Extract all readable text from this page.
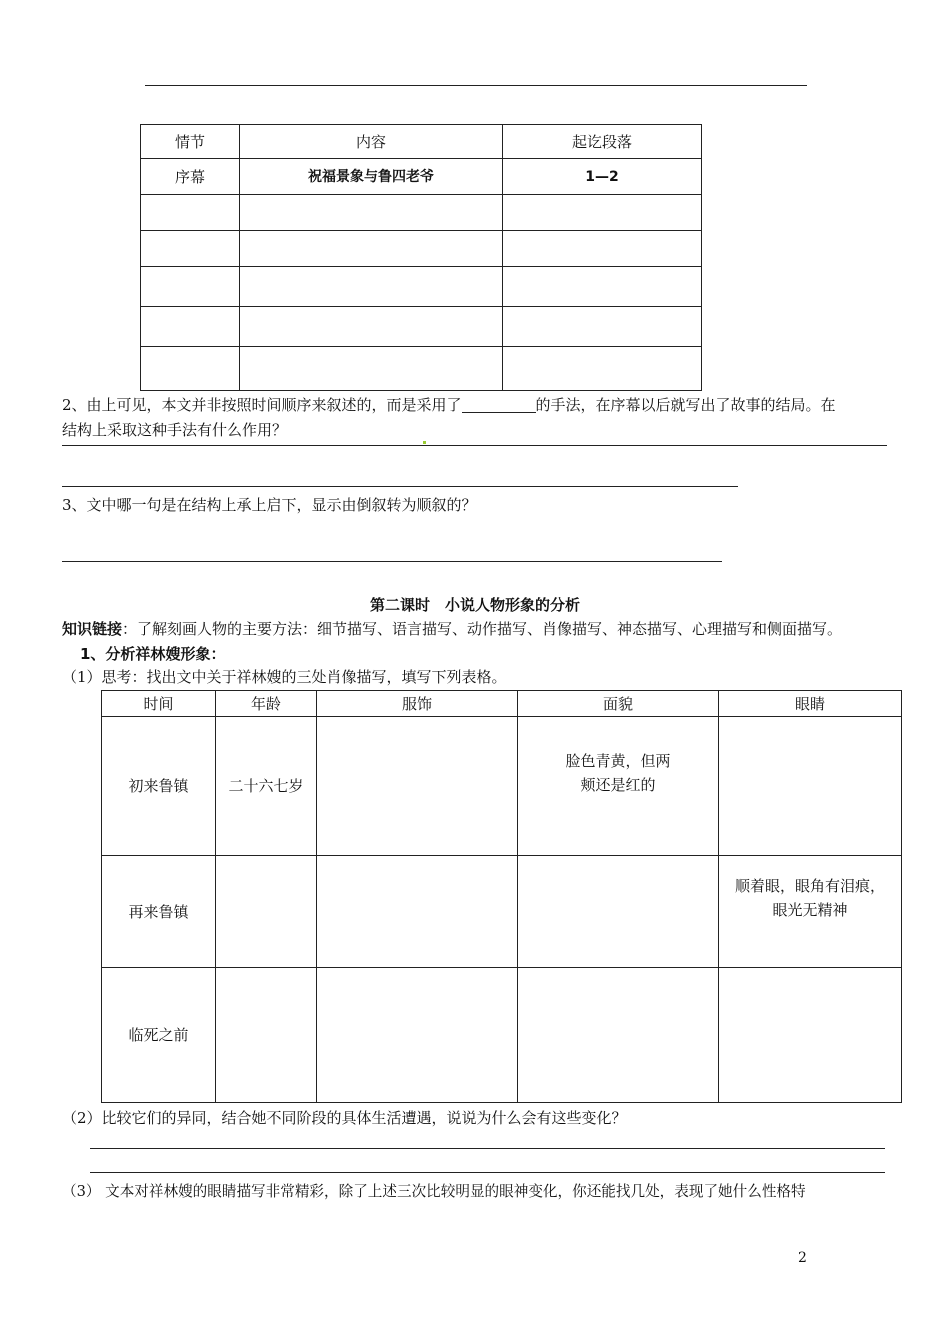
情节	内容	起讫段落
序幕	祝福景象与鲁四老爷	1—2

2、由上可见，本文并非按照时间顺序来叙述的，而是采用了	的手法，在序幕以后就写出了故事的结局。在
结构上采取这种手法有什么作用？
3、文中哪一句是在结构上承上启下，显示由倒叙转为顺叙的？
第二课时　小说人物形象的分析
知识链接：了解刻画人物的主要方法：细节描写、语言描写、动作描写、肖像描写、神态描写、心理描写和侧面描写。
1、分析祥林嫂形象：
（1）思考：找出文中关于祥林嫂的三处肖像描写，填写下列表格。
时间	年龄	服饰	面貌	眼睛
初来鲁镇	二十六七岁		脸色青黄，但两
颊还是红的	

再来鲁镇				顺着眼，眼角有泪痕，
眼光无精神

临死之前				
（2）比较它们的异同，结合她不同阶段的具体生活遭遇，说说为什么会有这些变化？
（3） 文本对祥林嫂的眼睛描写非常精彩，除了上述三次比较明显的眼神变化，你还能找几处，表现了她什么性格特
2
